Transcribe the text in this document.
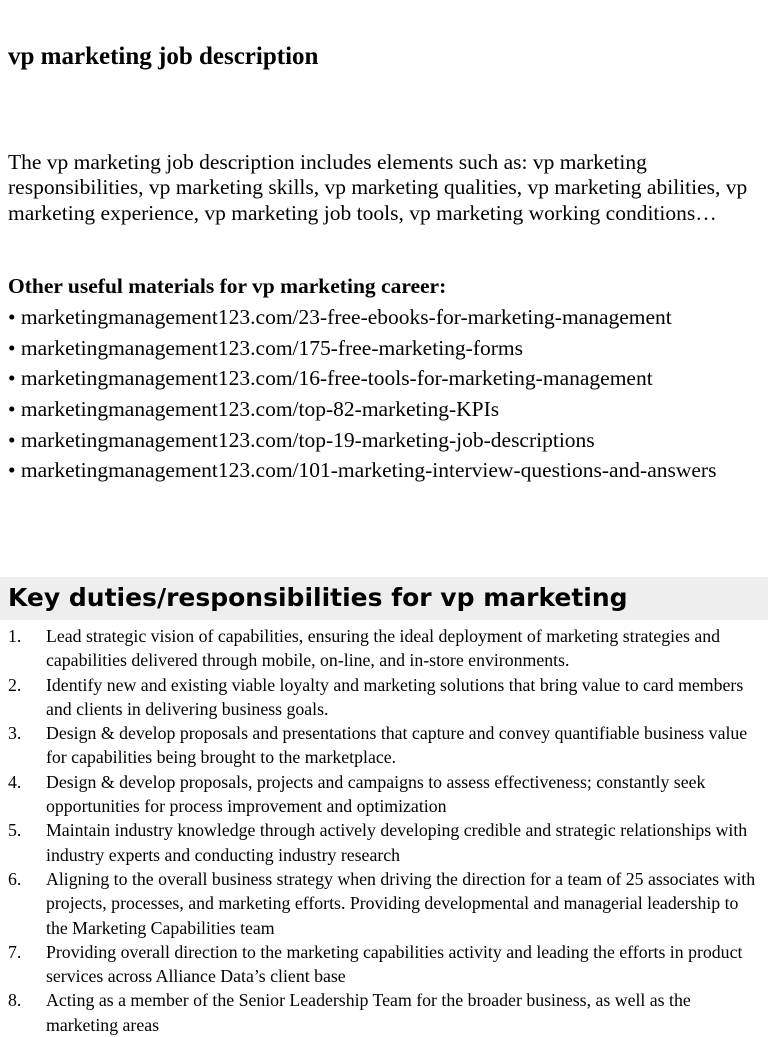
vp marketing job description

The vp marketing job description includes elements such as: vp marketing responsibilities, vp marketing skills, vp marketing qualities, vp marketing abilities, vp marketing experience, vp marketing job tools, vp marketing working conditions…

Other useful materials for vp marketing career:
• marketingmanagement123.com/23-free-ebooks-for-marketing-management
• marketingmanagement123.com/175-free-marketing-forms
• marketingmanagement123.com/16-free-tools-for-marketing-management
• marketingmanagement123.com/top-82-marketing-KPIs
• marketingmanagement123.com/top-19-marketing-job-descriptions
• marketingmanagement123.com/101-marketing-interview-questions-and-answers
Key duties/responsibilities for vp marketing
1.	Lead strategic vision of capabilities, ensuring the ideal deployment of marketing strategies and capabilities delivered through mobile, on-line, and in-store environments.
2.	Identify new and existing viable loyalty and marketing solutions that bring value to card members and clients in delivering business goals.
3.	Design & develop proposals and presentations that capture and convey quantifiable business value for capabilities being brought to the marketplace.
4.	Design & develop proposals, projects and campaigns to assess effectiveness; constantly seek opportunities for process improvement and optimization
5.	Maintain industry knowledge through actively developing credible and strategic relationships with industry experts and conducting industry research
6.	Aligning to the overall business strategy when driving the direction for a team of 25 associates with projects, processes, and marketing efforts. Providing developmental and managerial leadership to the Marketing Capabilities team
7.	Providing overall direction to the marketing capabilities activity and leading the efforts in product services across Alliance Data’s client base
8.	Acting as a member of the Senior Leadership Team for the broader business, as well as the marketing areas
